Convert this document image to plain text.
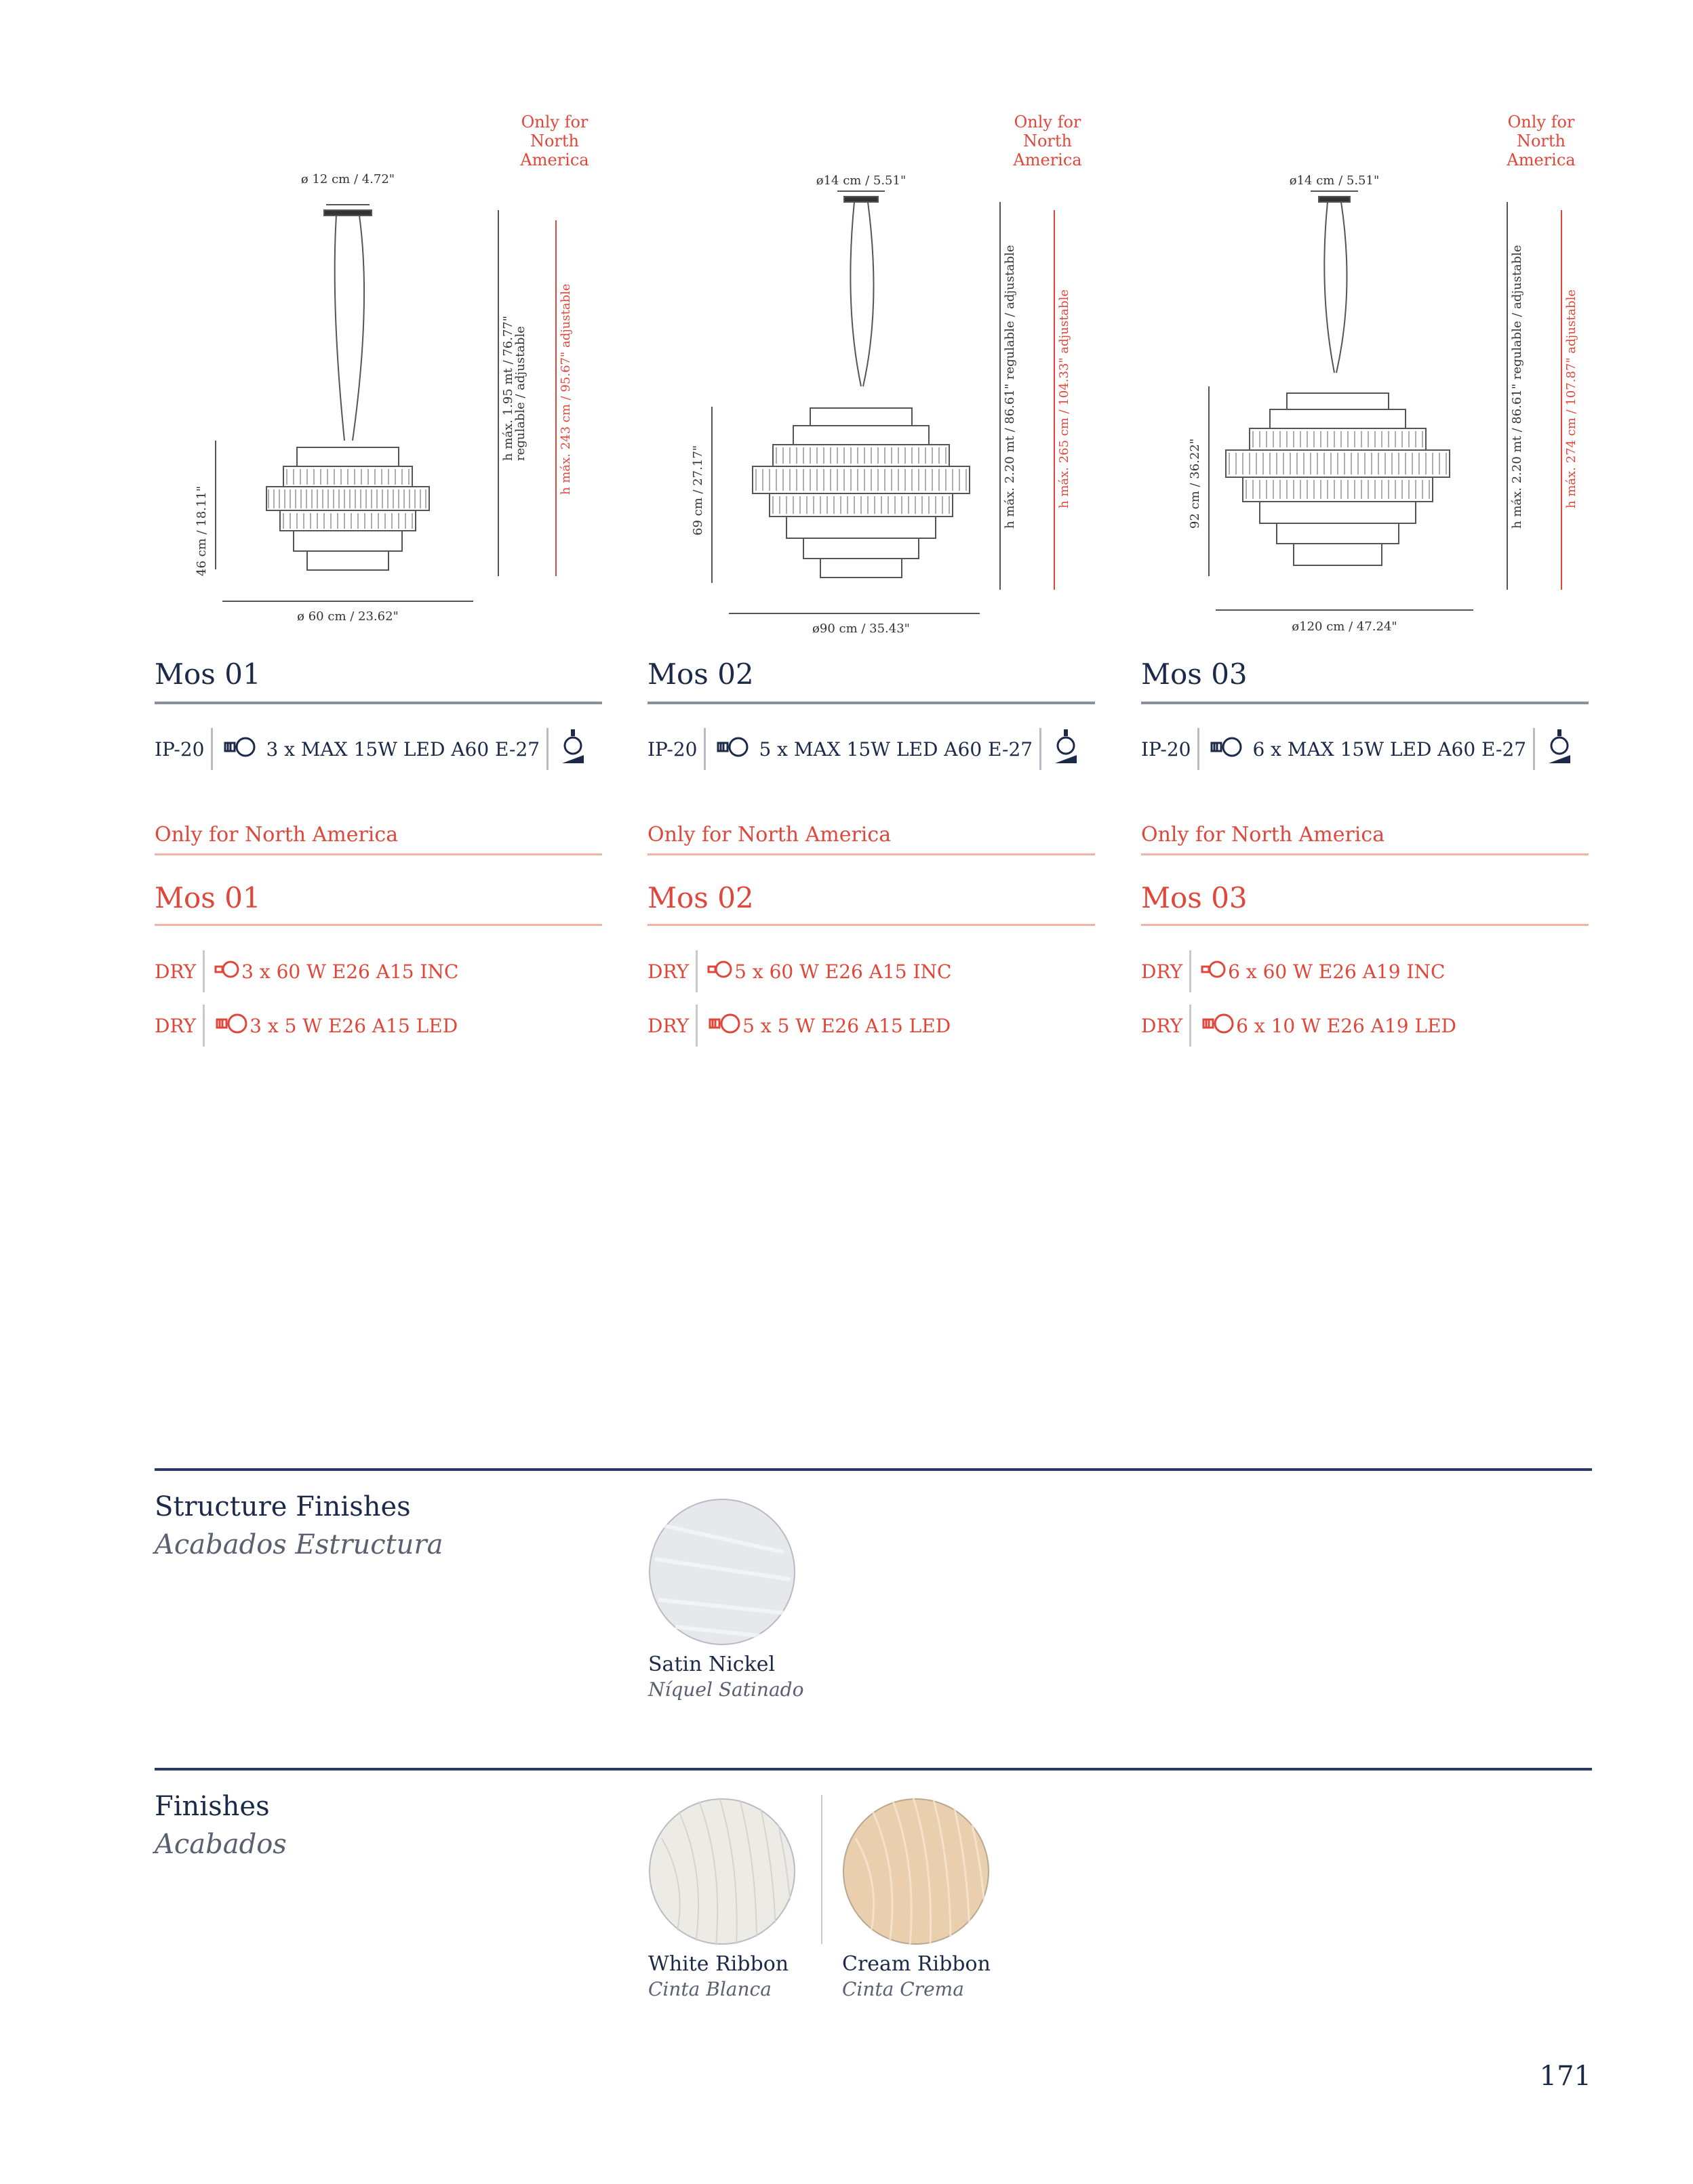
Only for North America
ø 12 cm / 4.72"
ø 60 cm / 23.62"
46 cm / 18.11"
h máx. 1.95 mt / 76.77"
regulable / adjustable	h máx. 243 cm / 95.67" adjustable
Mos 01
IP-20	3 x MAX 15W LED A60 E-27
Only for North America
Mos 01
DRY 3 x 60 W E26 A15 INC
DRY	3 x 5 W E26 A15 LED
Only for North America
ø14 cm / 5.51"
ø90 cm / 35.43"
69 cm / 27.17"	h máx. 2.20 mt / 86.61" regulable / adjustable	h máx. 265 cm / 104.33" adjustable
Mos 02
IP-20	5 x MAX 15W LED A60 E-27
Only for North America
Mos 02
DRY 5 x 60 W E26 A15 INC
DRY	5 x 5 W E26 A15 LED
Only for North America
ø14 cm / 5.51"
ø120 cm / 47.24"
92 cm / 36.22"	h máx. 2.20 mt / 86.61" regulable / adjustable	h máx. 274 cm / 107.87" adjustable
Mos 03
IP-20	6 x MAX 15W LED A60 E-27
Only for North America
Mos 03
DRY 6 x 60 W E26 A19 INC
DRY	6 x 10 W E26 A19 LED
Structure Finishes
Acabados Estructura
Satin Nickel
Níquel Satinado
Finishes
Acabados
White Ribbon
Cinta Blanca
Cream Ribbon
Cinta Crema
171
